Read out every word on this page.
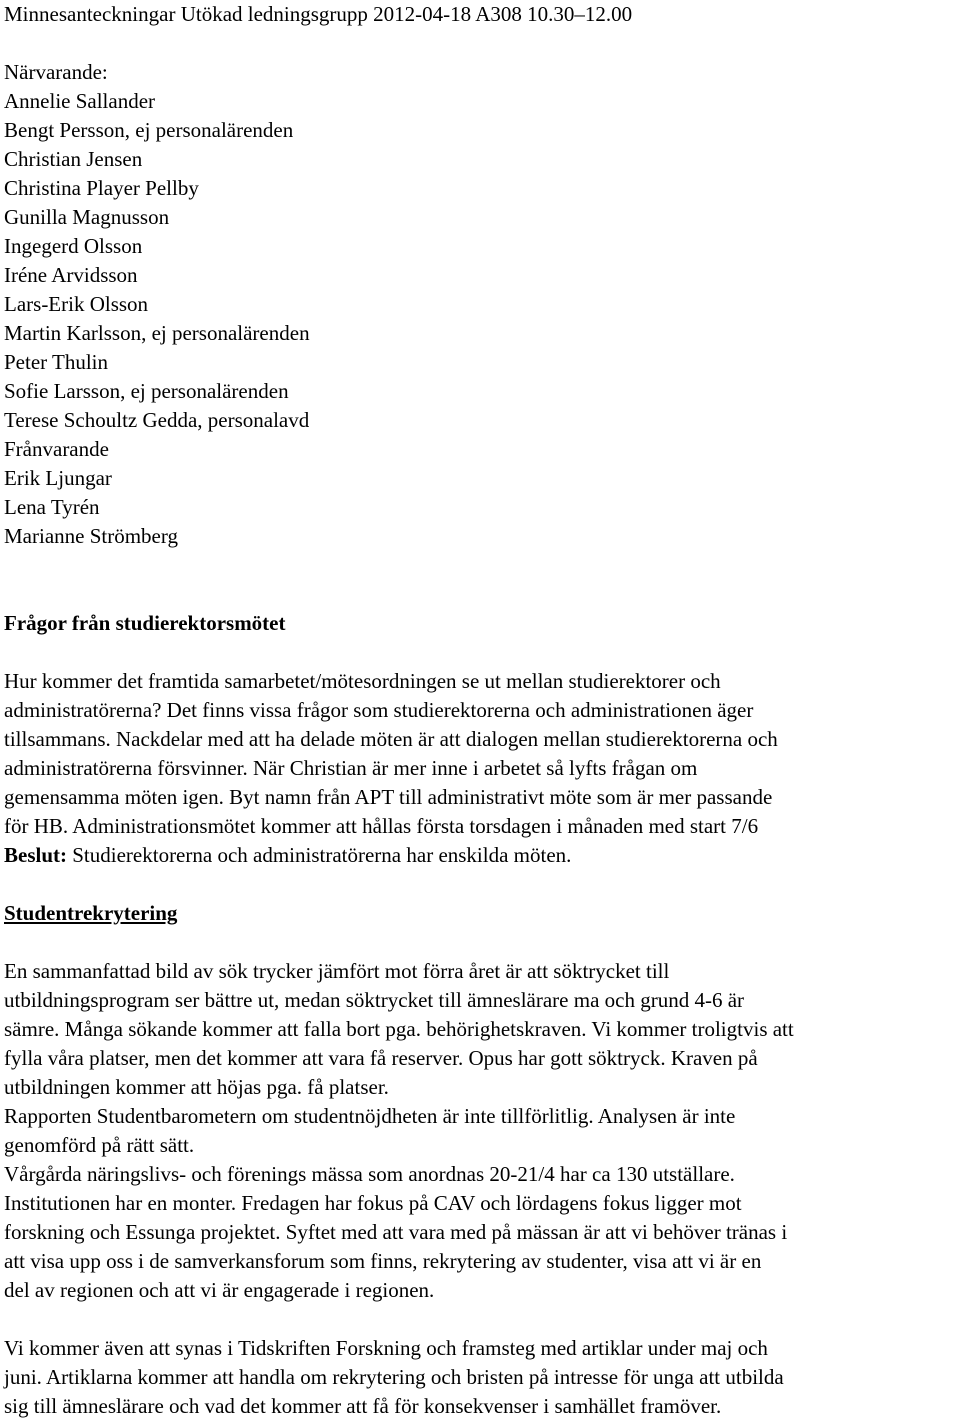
Minnesanteckningar Utökad ledningsgrupp 2012-04-18 A308 10.30–12.00
Närvarande:
Annelie Sallander
Bengt Persson, ej personalärenden
Christian Jensen
Christina Player Pellby
Gunilla Magnusson
Ingegerd Olsson
Iréne Arvidsson
Lars-Erik Olsson
Martin Karlsson, ej personalärenden
Peter Thulin
Sofie Larsson, ej personalärenden
Terese Schoultz Gedda, personalavd
Frånvarande
Erik Ljungar
Lena Tyrén
Marianne Strömberg
Frågor från studierektorsmötet
Hur kommer det framtida samarbetet/mötesordningen se ut mellan studierektorer och
administratörerna? Det finns vissa frågor som studierektorerna och administrationen äger
tillsammans. Nackdelar med att ha delade möten är att dialogen mellan studierektorerna och
administratörerna försvinner. När Christian är mer inne i arbetet så lyfts frågan om
gemensamma möten igen. Byt namn från APT till administrativt möte som är mer passande
för HB. Administrationsmötet kommer att hållas första torsdagen i månaden med start 7/6
Beslut: Studierektorerna och administratörerna har enskilda möten.
Studentrekrytering
En sammanfattad bild av sök trycker jämfört mot förra året är att söktrycket till
utbildningsprogram ser bättre ut, medan söktrycket till ämneslärare ma och grund 4-6 är
sämre. Många sökande kommer att falla bort pga. behörighetskraven. Vi kommer troligtvis att
fylla våra platser, men det kommer att vara få reserver. Opus har gott söktryck. Kraven på
utbildningen kommer att höjas pga. få platser.
Rapporten Studentbarometern om studentnöjdheten är inte tillförlitlig. Analysen är inte
genomförd på rätt sätt.
Vårgårda näringslivs- och förenings mässa som anordnas 20-21/4 har ca 130 utställare.
Institutionen har en monter. Fredagen har fokus på CAV och lördagens fokus ligger mot
forskning och Essunga projektet. Syftet med att vara med på mässan är att vi behöver tränas i
att visa upp oss i de samverkansforum som finns, rekrytering av studenter, visa att vi är en
del av regionen och att vi är engagerade i regionen.
Vi kommer även att synas i Tidskriften Forskning och framsteg med artiklar under maj och
juni. Artiklarna kommer att handla om rekrytering och bristen på intresse för unga att utbilda
sig till ämneslärare och vad det kommer att få för konsekvenser i samhället framöver.
